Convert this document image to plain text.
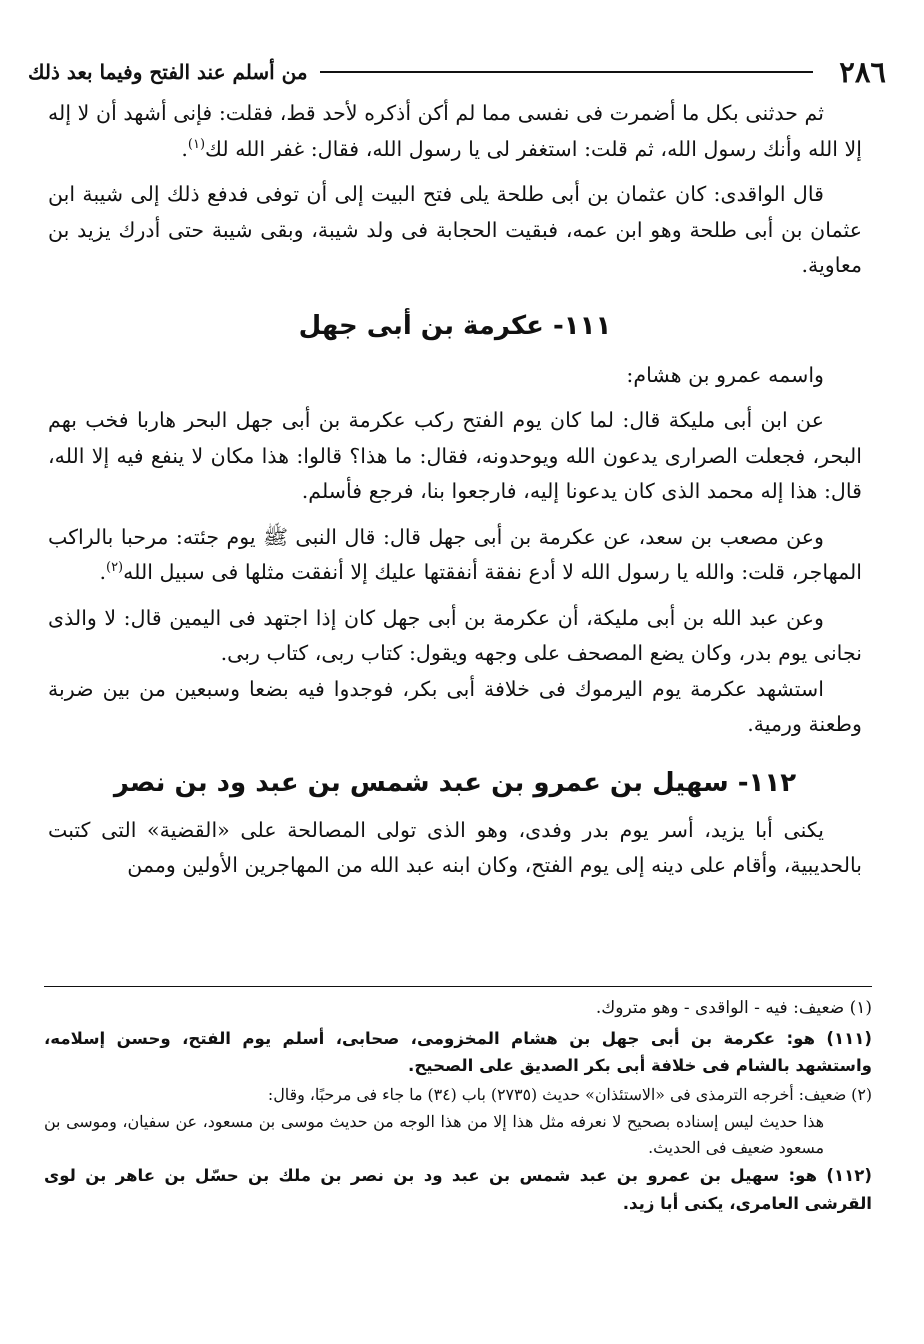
٢٨٦
من أسلم عند الفتح وفيما بعد ذلك

ثم حدثنى بكل ما أضمرت فى نفسى مما لم أكن أذكره لأحد قط، فقلت: فإنى أشهد أن لا إله إلا الله وأنك رسول الله، ثم قلت: استغفر لى يا رسول الله، فقال: غفر الله لك$^{(١)}$.

قال الواقدى: كان عثمان بن أبى طلحة يلى فتح البيت إلى أن توفى فدفع ذلك إلى شيبة ابن عثمان بن أبى طلحة وهو ابن عمه، فبقيت الحجابة فى ولد شيبة، وبقى شيبة حتى أدرك يزيد بن معاوية.

١١١- عكرمة بن أبى جهل

واسمه عمرو بن هشام:

عن ابن أبى مليكة قال: لما كان يوم الفتح ركب عكرمة بن أبى جهل البحر هاربا فخب بهم البحر، فجعلت الصرارى يدعون الله ويوحدونه، فقال: ما هذا؟ قالوا: هذا مكان لا ينفع فيه إلا الله، قال: هذا إله محمد الذى كان يدعونا إليه، فارجعوا بنا، فرجع فأسلم.

وعن مصعب بن سعد، عن عكرمة بن أبى جهل قال: قال النبى ﷺ يوم جئته: مرحبا بالراكب المهاجر، قلت: والله يا رسول الله لا أدع نفقة أنفقتها عليك إلا أنفقت مثلها فى سبيل الله$^{(٢)}$.

وعن عبد الله بن أبى مليكة، أن عكرمة بن أبى جهل كان إذا اجتهد فى اليمين قال: لا والذى نجانى يوم بدر، وكان يضع المصحف على وجهه ويقول: كتاب ربى، كتاب ربى.

استشهد عكرمة يوم اليرموك فى خلافة أبى بكر، فوجدوا فيه بضعا وسبعين من بين ضربة وطعنة ورمية.

١١٢- سهيل بن عمرو بن عبد شمس بن عبد ود بن نصر

يكنى أبا يزيد، أسر يوم بدر وفدى، وهو الذى تولى المصالحة على «القضية» التى كتبت بالحديبية، وأقام على دينه إلى يوم الفتح، وكان ابنه عبد الله من المهاجرين الأولين وممن

(١) ضعيف: فيه - الواقدى - وهو متروك.

(١١١) هو: عكرمة بن أبى جهل بن هشام المخزومى، صحابى، أسلم يوم الفتح، وحسن إسلامه، واستشهد بالشام فى خلافة أبى بكر الصديق على الصحيح.

(٢) ضعيف: أخرجه الترمذى فى «الاستئذان» حديث (٢٧٣٥) باب (٣٤) ما جاء فى مرحبًا، وقال:

هذا حديث ليس إسناده بصحيح لا نعرفه مثل هذا إلا من هذا الوجه من حديث موسى بن مسعود، عن سفيان، وموسى بن مسعود ضعيف فى الحديث.

(١١٢) هو: سهيل بن عمرو بن عبد شمس بن عبد ود بن نصر بن ملك بن حسّل بن عاهر بن لوى القرشى العامرى، يكنى أبا زيد.
